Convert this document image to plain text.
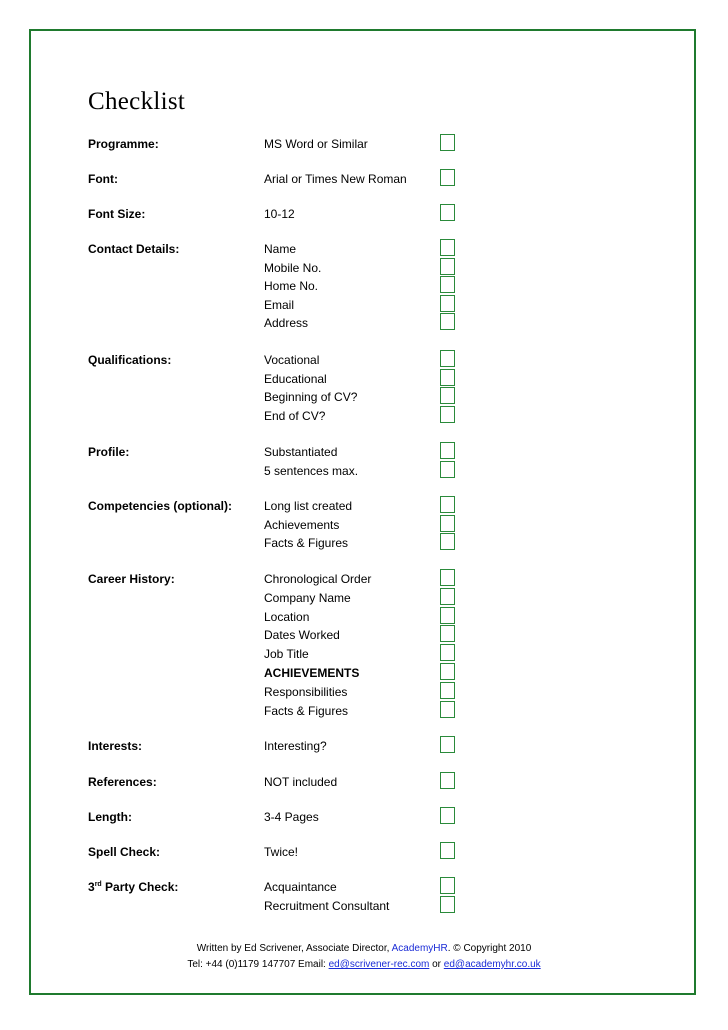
Checklist
Programme:	MS Word or Similar
Font:	Arial or Times New Roman
Font Size:	10-12
Contact Details:	Name
Mobile No.
Home No.
Email
Address
Qualifications:	Vocational
Educational
Beginning of CV?
End of CV?
Profile:	Substantiated
5 sentences max.
Competencies (optional):	Long list created
Achievements
Facts & Figures
Career History:	Chronological Order
Company Name
Location
Dates Worked
Job Title
ACHIEVEMENTS
Responsibilities
Facts & Figures
Interests:	Interesting?
References:	NOT included
Length:	3-4 Pages
Spell Check:	Twice!
3rd Party Check:	Acquaintance
Recruitment Consultant
Written by Ed Scrivener, Associate Director, AcademyHR. © Copyright 2010
Tel: +44 (0)1179 147707 Email: ed@scrivener-rec.com or ed@academyhr.co.uk
